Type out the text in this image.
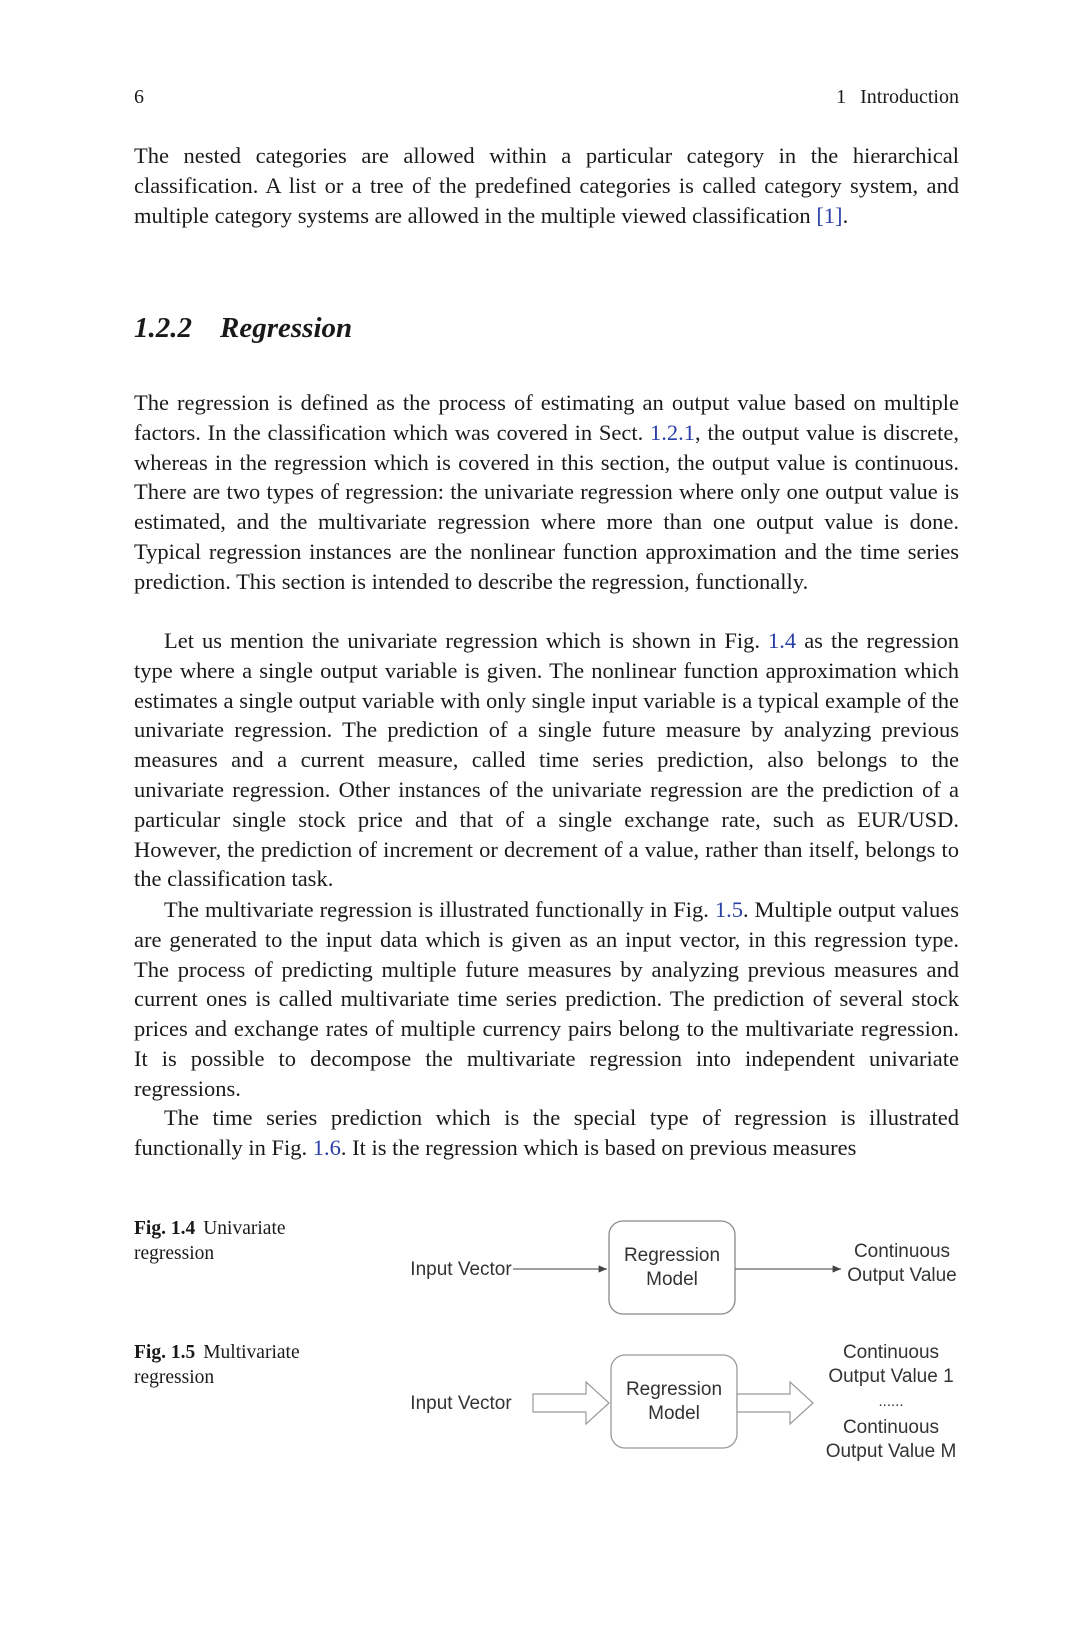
6	1 Introduction

The nested categories are allowed within a particular category in the hierarchical classification. A list or a tree of the predefined categories is called category system, and multiple category systems are allowed in the multiple viewed classification [1].

1.2.2 Regression

The regression is defined as the process of estimating an output value based on multiple factors. In the classification which was covered in Sect. 1.2.1, the output value is discrete, whereas in the regression which is covered in this section, the output value is continuous. There are two types of regression: the univariate regression where only one output value is estimated, and the multivariate regression where more than one output value is done. Typical regression instances are the nonlinear function approximation and the time series prediction. This section is intended to describe the regression, functionally.

Let us mention the univariate regression which is shown in Fig. 1.4 as the regression type where a single output variable is given. The nonlinear function approximation which estimates a single output variable with only single input variable is a typical example of the univariate regression. The prediction of a single future measure by analyzing previous measures and a current measure, called time series prediction, also belongs to the univariate regression. Other instances of the univariate regression are the prediction of a particular single stock price and that of a single exchange rate, such as EUR/USD. However, the prediction of increment or decrement of a value, rather than itself, belongs to the classification task.

The multivariate regression is illustrated functionally in Fig. 1.5. Multiple output values are generated to the input data which is given as an input vector, in this regression type. The process of predicting multiple future measures by analyzing previous measures and current ones is called multivariate time series prediction. The prediction of several stock prices and exchange rates of multiple currency pairs belong to the multivariate regression. It is possible to decompose the multivariate regression into independent univariate regressions.

The time series prediction which is the special type of regression is illustrated functionally in Fig. 1.6. It is the regression which is based on previous measures

Fig. 1.4 Univariate regression
Fig. 1.5 Multivariate regression
Input Vector
Regression
Model
Continuous
Output Value
Input Vector
Regression
Model
Continuous
Output Value 1
......
Continuous
Output Value M
